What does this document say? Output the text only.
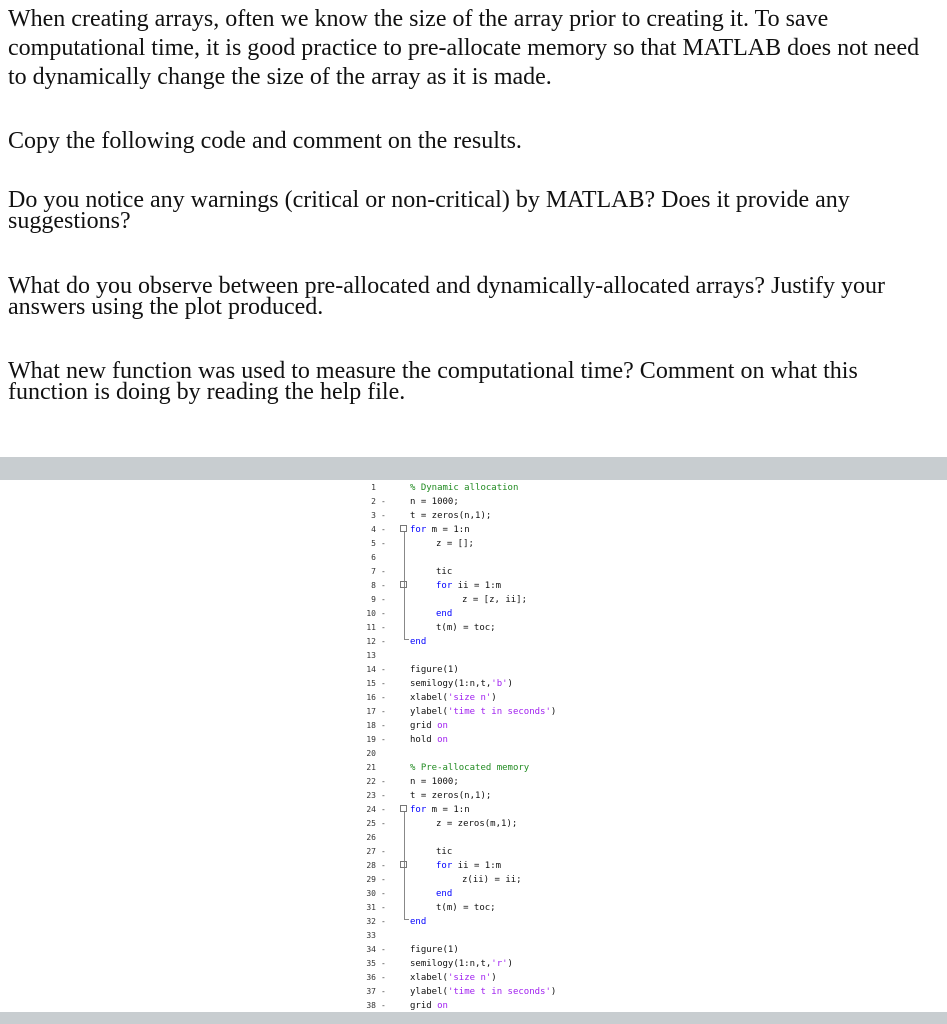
When creating arrays, often we know the size of the array prior to creating it. To save computational time, it is good practice to pre-allocate memory so that MATLAB does not need to dynamically change the size of the array as it is made.

Copy the following code and comment on the results.

Do you notice any warnings (critical or non-critical) by MATLAB? Does it provide any suggestions?

What do you observe between pre-allocated and dynamically-allocated arrays? Justify your answers using the plot produced.

What new function was used to measure the computational time? Comment on what this function is doing by reading the help file.

1	% Dynamic allocation
2 -	n = 1000;
3 -	t = zeros(n,1);
4 -	for m = 1:n
5 -	z = [];
6
7 -	tic
8 -	for ii = 1:m
9 -	z = [z, ii];
10 -	end
11 -	t(m) = toc;
12 -	end
13
14 -	figure(1)
15 -	semilogy(1:n,t,'b')
16 -	xlabel('size n')
17 -	ylabel('time t in seconds')
18 -	grid on
19 -	hold on
20
21	% Pre-allocated memory
22 -	n = 1000;
23 -	t = zeros(n,1);
24 -	for m = 1:n
25 -	z = zeros(m,1);
26
27 -	tic
28 -	for ii = 1:m
29 -	z(ii) = ii;
30 -	end
31 -	t(m) = toc;
32 -	end
33
34 -	figure(1)
35 -	semilogy(1:n,t,'r')
36 -	xlabel('size n')
37 -	ylabel('time t in seconds')
38 -	grid on
